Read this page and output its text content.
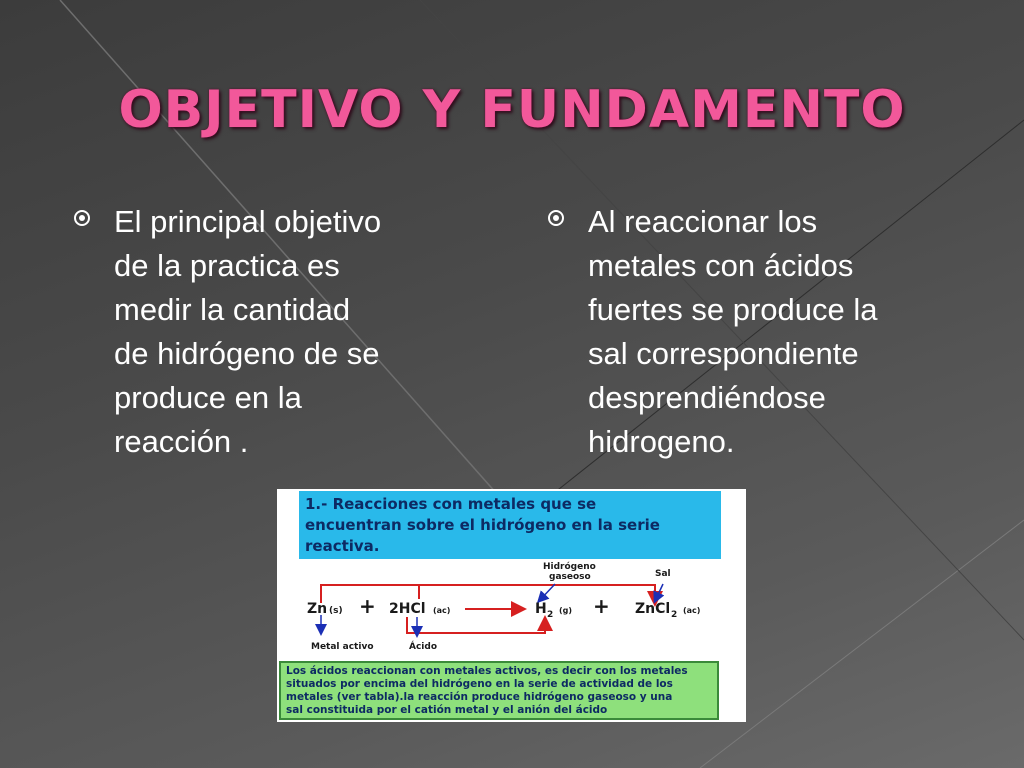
OBJETIVO Y FUNDAMENTO
El principal objetivo
de la practica es
medir la cantidad
de hidrógeno de se
produce en la
reacción .
Al reaccionar los
metales con ácidos
fuertes se produce la
sal correspondiente
desprendiéndose
hidrogeno.
1.- Reacciones con metales que se
encuentran sobre el hidrógeno en la serie
reactiva.
Hidrógeno
gaseoso	Sal
Zn (s) + 2HCl (ac)	H 2 (g) + ZnCl 2 (ac)
Metal activo	Ácido
Los ácidos reaccionan con metales activos, es decir con los metales
situados por encima del hidrógeno en la serie de actividad de los
metales (ver tabla).la reacción produce hidrógeno gaseoso y una
sal constituida por el catión metal y el anión del ácido
